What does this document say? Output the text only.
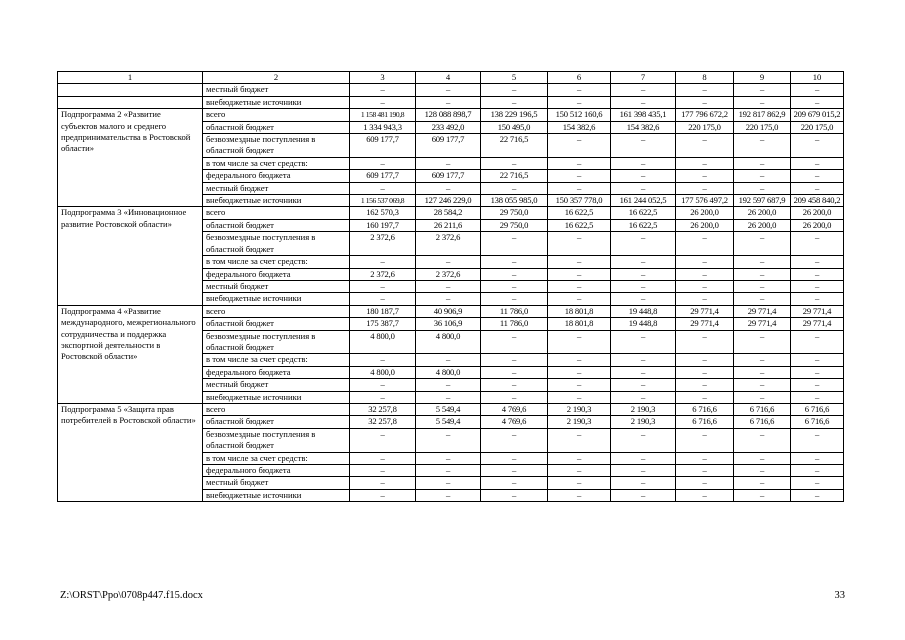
1	2	3	4	5	6	7	8	9	10
	местный бюджет	–	–	–	–	–	–	–	–
	внебюджетные источники	–	–	–	–	–	–	–	–
Подпрограмма 2 «Развитие субъектов малого и среднего предпринимательства в Ростовской области»	всего	1 158 481 190,8	128 088 898,7	138 229 196,5	150 512 160,6	161 398 435,1	177 796 672,2	192 817 862,9	209 679 015,2
	областной бюджет	1 334 943,3	233 492,0	150 495,0	154 382,6	154 382,6	220 175,0	220 175,0	220 175,0
	безвозмездные поступления в областной бюджет	609 177,7	609 177,7	22 716,5	–	–	–	–	–
	в том числе за счет средств:	–	–	–	–	–	–	–	–
	федерального бюджета	609 177,7	609 177,7	22 716,5	–	–	–	–	–
	местный бюджет	–	–	–	–	–	–	–	–
	внебюджетные источники	1 156 537 069,8	127 246 229,0	138 055 985,0	150 357 778,0	161 244 052,5	177 576 497,2	192 597 687,9	209 458 840,2
Подпрограмма 3 «Инновационное развитие Ростовской области»	всего	162 570,3	28 584,2	29 750,0	16 622,5	16 622,5	26 200,0	26 200,0	26 200,0
	областной бюджет	160 197,7	26 211,6	29 750,0	16 622,5	16 622,5	26 200,0	26 200,0	26 200,0
	безвозмездные поступления в областной бюджет	2 372,6	2 372,6	–	–	–	–	–	–
	в том числе за счет средств:	–	–	–	–	–	–	–	–
	федерального бюджета	2 372,6	2 372,6	–	–	–	–	–	–
	местный бюджет	–	–	–	–	–	–	–	–
	внебюджетные источники	–	–	–	–	–	–	–	–
Подпрограмма 4 «Развитие международного, межрегионального сотрудничества и поддержка экспортной деятельности в Ростовской области»	всего	180 187,7	40 906,9	11 786,0	18 801,8	19 448,8	29 771,4	29 771,4	29 771,4
	областной бюджет	175 387,7	36 106,9	11 786,0	18 801,8	19 448,8	29 771,4	29 771,4	29 771,4
	безвозмездные поступления в областной бюджет	4 800,0	4 800,0	–	–	–	–	–	–
	в том числе за счет средств:	–	–	–	–	–	–	–	–
	федерального бюджета	4 800,0	4 800,0	–	–	–	–	–	–
	местный бюджет	–	–	–	–	–	–	–	–
	внебюджетные источники	–	–	–	–	–	–	–	–
Подпрограмма 5 «Защита прав потребителей в Ростовской области»	всего	32 257,8	5 549,4	4 769,6	2 190,3	2 190,3	6 716,6	6 716,6	6 716,6
	областной бюджет	32 257,8	5 549,4	4 769,6	2 190,3	2 190,3	6 716,6	6 716,6	6 716,6
	безвозмездные поступления в областной бюджет	–	–	–	–	–	–	–	–
	в том числе за счет средств:	–	–	–	–	–	–	–	–
	федерального бюджета	–	–	–	–	–	–	–	–
	местный бюджет	–	–	–	–	–	–	–	–
	внебюджетные источники	–	–	–	–	–	–	–	–
Z:\ORST\Ppo\0708p447.f15.docx	33
